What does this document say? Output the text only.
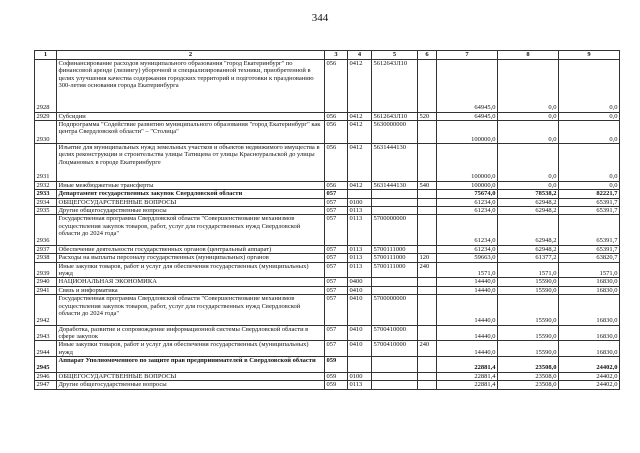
344
1	2	3	4	5	6	7	8	9
2928	Софинансирование расходов муниципального образования "город Екатеринбург" по финансовой аренде (лизингу) уборочной и специализированной техники, приобретенной в целях улучшения качества содержания городских территорий и подготовки к празднованию 300-летия основания города Екатеринбурга	056	0412	5612643Л10		64945,0	0,0	0,0
2929	Субсидии	056	0412	5612643Л10	520	64945,0	0,0	0,0
2930	Подпрограмма "Содействие развитию муниципального образования "город Екатеринбург" как центра Свердловской области" – "Столица"	056	0412	5630000000		100000,0	0,0	0,0
2931	Изъятие для муниципальных нужд земельных участков и объектов недвижимого имущества в целях реконструкции и строительства улицы Татищева от улицы Красноуральской до улицы Лоцмановых в городе Екатеринбурге	056	0412	5631444130		100000,0	0,0	0,0
2932	Иные межбюджетные трансферты	056	0412	5631444130	540	100000,0	0,0	0,0
2933	Департамент государственных закупок Свердловской области	057				75674,0	78538,2	82221,7
2934	ОБЩЕГОСУДАРСТВЕННЫЕ ВОПРОСЫ	057	0100			61234,0	62948,2	65391,7
2935	Другие общегосударственные вопросы	057	0113			61234,0	62948,2	65391,7
2936	Государственная программа Свердловской области "Совершенствование механизмов осуществления закупок товаров, работ, услуг для государственных нужд Свердловской области до 2024 года"	057	0113	5700000000		61234,0	62948,2	65391,7
2937	Обеспечение деятельности государственных органов (центральный аппарат)	057	0113	5700111000		61234,0	62948,2	65391,7
2938	Расходы на выплаты персоналу государственных (муниципальных) органов	057	0113	5700111000	120	59663,0	61377,2	63820,7
2939	Иные закупки товаров, работ и услуг для обеспечения государственных (муниципальных) нужд	057	0113	5700111000	240	1571,0	1571,0	1571,0
2940	НАЦИОНАЛЬНАЯ ЭКОНОМИКА	057	0400			14440,0	15590,0	16830,0
2941	Связь и информатика	057	0410			14440,0	15590,0	16830,0
2942	Государственная программа Свердловской области "Совершенствование механизмов осуществления закупок товаров, работ, услуг для государственных нужд Свердловской области до 2024 года"	057	0410	5700000000		14440,0	15590,0	16830,0
2943	Доработка, развитие и сопровождение информационной системы Свердловской области в сфере закупок	057	0410	5700410000		14440,0	15590,0	16830,0
2944	Иные закупки товаров, работ и услуг для обеспечения государственных (муниципальных) нужд	057	0410	5700410000	240	14440,0	15590,0	16830,0
2945	Аппарат Уполномоченного по защите прав предпринимателей в Свердловской области	059				22881,4	23508,0	24402,0
2946	ОБЩЕГОСУДАРСТВЕННЫЕ ВОПРОСЫ	059	0100			22881,4	23508,0	24402,0
2947	Другие общегосударственные вопросы	059	0113			22881,4	23508,0	24402,0
